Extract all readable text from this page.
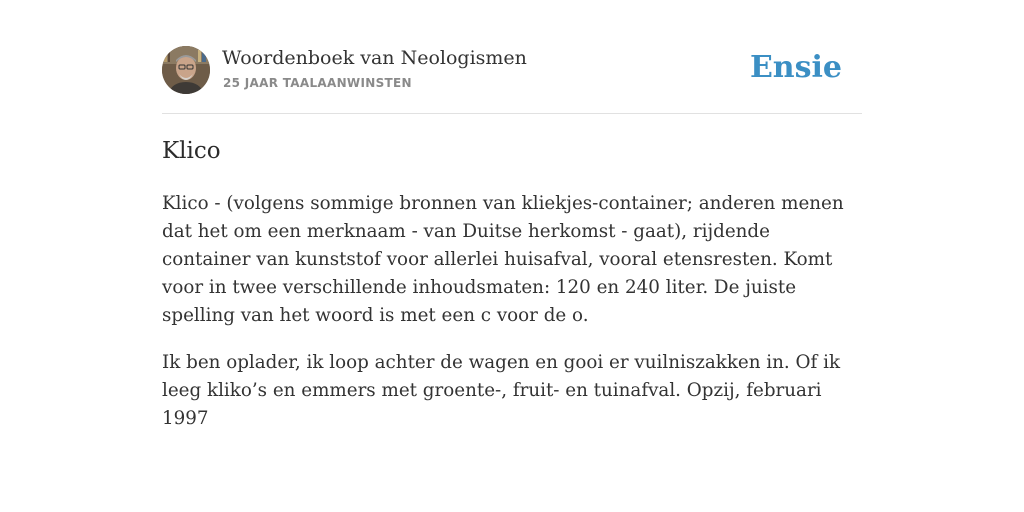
Woordenboek van Neologismen
25 JAAR TAALAANWINSTEN	Ensie
Klico

Klico - (volgens sommige bronnen van kliekjes-container; anderen menen dat het om een merknaam - van Duitse herkomst - gaat), rijdende container van kunststof voor allerlei huisafval, vooral etensresten. Komt voor in twee verschillende inhoudsmaten: 120 en 240 liter. De juiste spelling van het woord is met een c voor de o.

Ik ben oplader, ik loop achter de wagen en gooi er vuilniszakken in. Of ik leeg kliko’s en emmers met groente-, fruit- en tuinafval. Opzij, februari 1997
